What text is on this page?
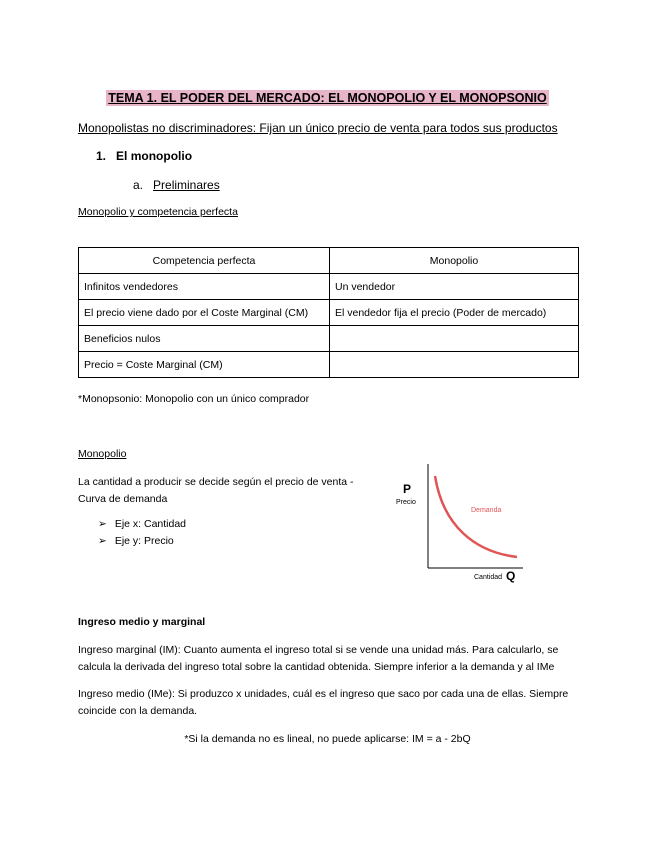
TEMA 1. EL PODER DEL MERCADO: EL MONOPOLIO Y EL MONOPSONIO
Monopolistas no discriminadores: Fijan un único precio de venta para todos sus productos
1. El monopolio
a. Preliminares
Monopolio y competencia perfecta
Competencia perfecta	Monopolio
Infinitos vendedores	Un vendedor
El precio viene dado por el Coste Marginal (CM)	El vendedor fija el precio (Poder de mercado)
Beneficios nulos	
Precio = Coste Marginal (CM)	
*Monopsonio: Monopolio con un único comprador
Monopolio
La cantidad a producir se decide según el precio de venta - Curva de demanda
➢ Eje x: Cantidad
➢ Eje y: Precio
P
Precio
Demanda
Cantidad Q
Ingreso medio y marginal
Ingreso marginal (IM): Cuanto aumenta el ingreso total si se vende una unidad más. Para calcularlo, se calcula la derivada del ingreso total sobre la cantidad obtenida. Siempre inferior a la demanda y al IMe
Ingreso medio (IMe): Si produzco x unidades, cuál es el ingreso que saco por cada una de ellas. Siempre coincide con la demanda.
*Si la demanda no es lineal, no puede aplicarse: IM = a - 2bQ
